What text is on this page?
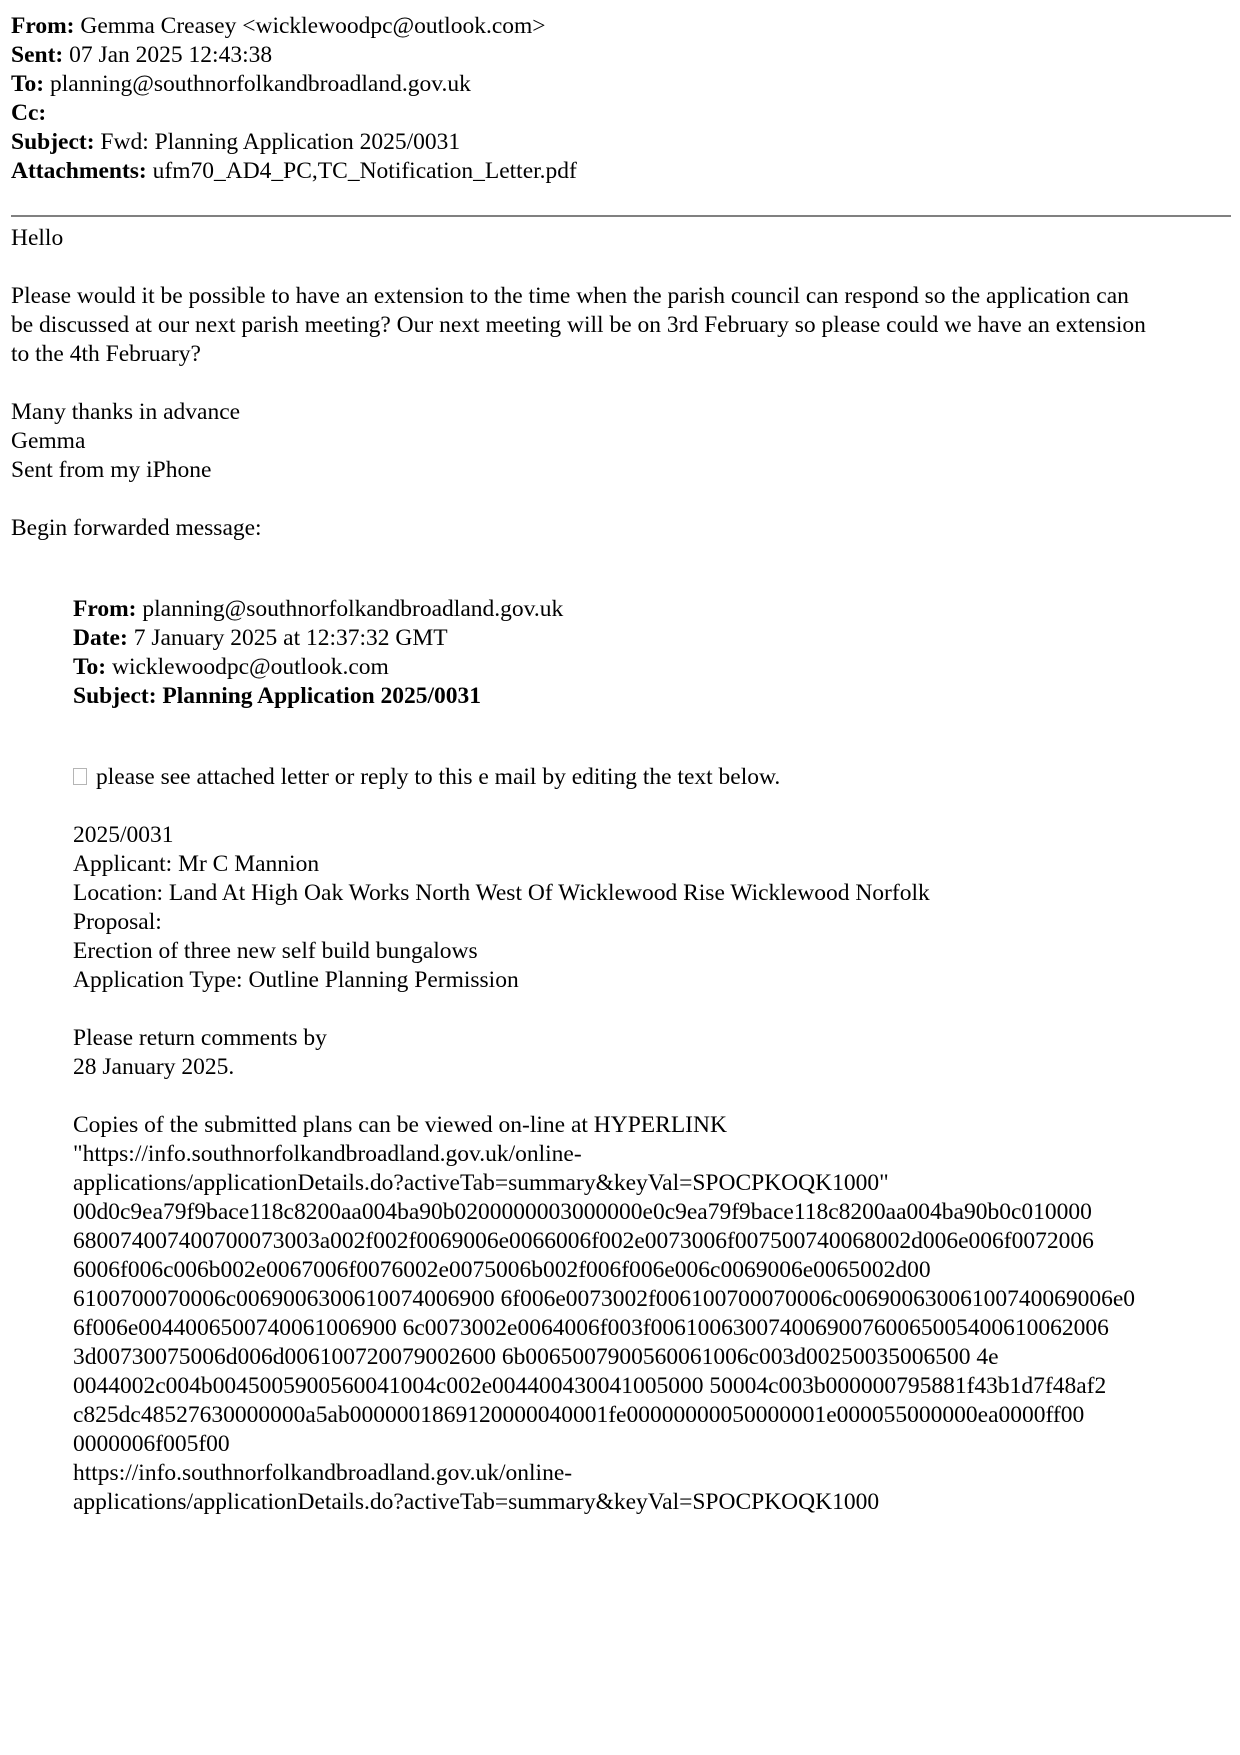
From: Gemma Creasey <wicklewoodpc@outlook.com>
Sent: 07 Jan 2025 12:43:38
To: planning@southnorfolkandbroadland.gov.uk
Cc:
Subject: Fwd: Planning Application 2025/0031
Attachments: ufm70_AD4_PC,TC_Notification_Letter.pdf
Hello
Please would it be possible to have an extension to the time when the parish council can respond so the application can
be discussed at our next parish meeting? Our next meeting will be on 3rd February so please could we have an extension
to the 4th February?
Many thanks in advance
Gemma
Sent from my iPhone
Begin forwarded message:
From: planning@southnorfolkandbroadland.gov.uk
Date: 7 January 2025 at 12:37:32 GMT
To: wicklewoodpc@outlook.com
Subject: Planning Application 2025/0031
please see attached letter or reply to this e mail by editing the text below.
2025/0031
Applicant: Mr C Mannion
Location: Land At High Oak Works North West Of Wicklewood Rise Wicklewood Norfolk
Proposal:
Erection of three new self build bungalows
Application Type: Outline Planning Permission
Please return comments by
28 January 2025.
Copies of the submitted plans can be viewed on-line at HYPERLINK
"https://info.southnorfolkandbroadland.gov.uk/online-
applications/applicationDetails.do?activeTab=summary&keyVal=SPOCPKOQK1000"
00d0c9ea79f9bace118c8200aa004ba90b0200000003000000e0c9ea79f9bace118c8200aa004ba90b0c010000
680074007400700073003a002f002f0069006e0066006f002e0073006f007500740068002d006e006f0072006
6006f006c006b002e0067006f0076002e0075006b002f006f006e006c0069006e0065002d00
6100700070006c0069006300610074006900 6f006e0073002f006100700070006c00690063006100740069006e0
6f006e0044006500740061006900 6c0073002e0064006f003f006100630074006900760065005400610062006
3d00730075006d006d006100720079002600 6b0065007900560061006c003d00250035006500 4e
0044002c004b0045005900560041004c002e004400430041005000 50004c003b000000795881f43b1d7f48af2
c825dc48527630000000a5ab0000001869120000040001fe00000000050000001e000055000000ea0000ff00
0000006f005f00
https://info.southnorfolkandbroadland.gov.uk/online-
applications/applicationDetails.do?activeTab=summary&keyVal=SPOCPKOQK1000
